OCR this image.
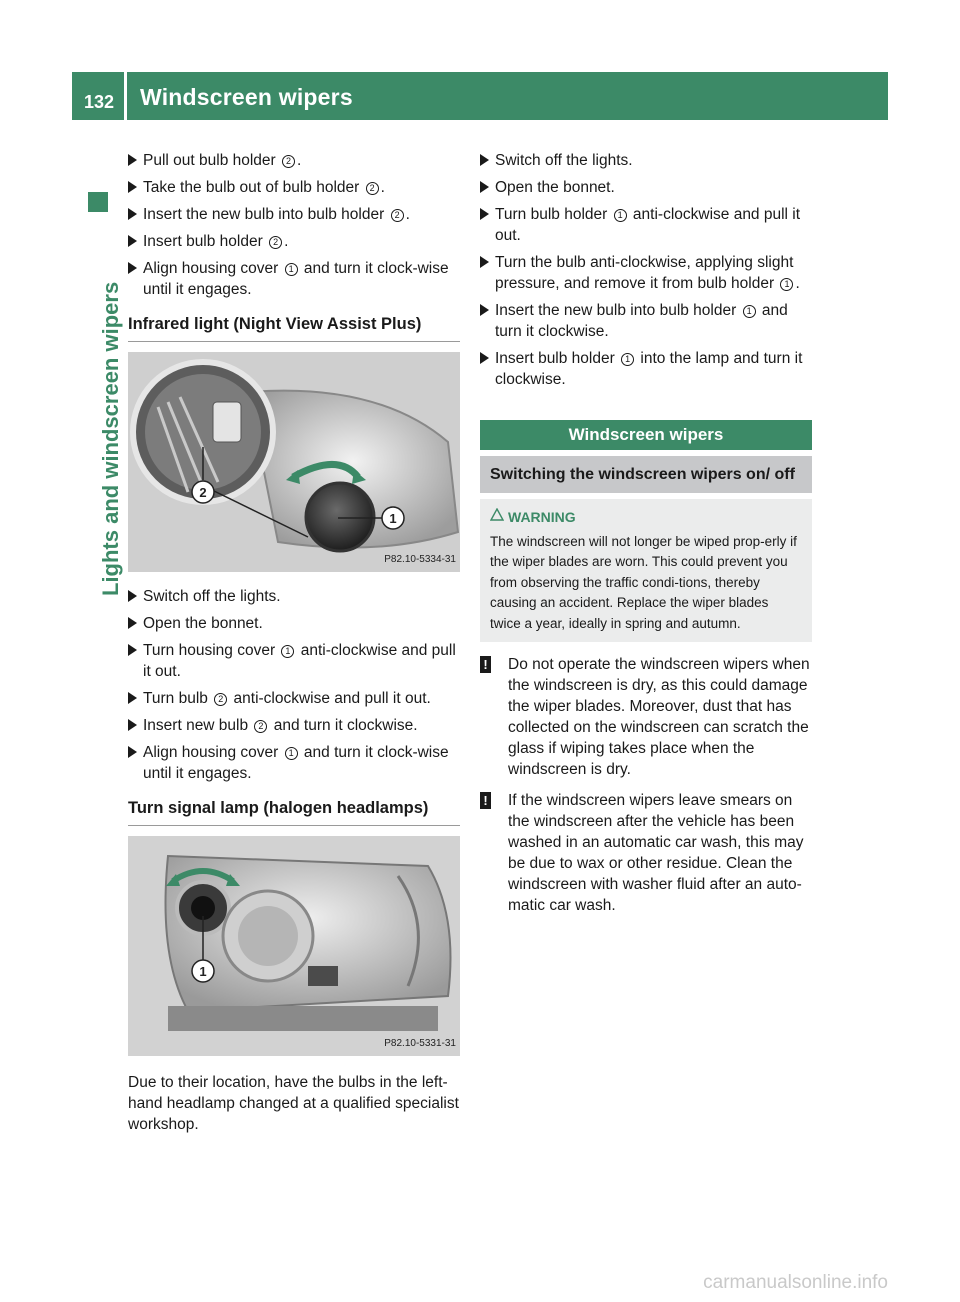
132 Windscreen wipers
Lights and windscreen wipers
Pull out bulb holder 2 .
Take the bulb out of bulb holder 2 .
Insert the new bulb into bulb holder 2 .
Insert bulb holder 2 .
Align housing cover 1 and turn it clock-wise until it engages.
Infrared light (Night View Assist Plus)
1
2
P82.10-5334-31
Switch off the lights.
Open the bonnet.
Turn housing cover 1 anti-clockwise and pull it out.
Turn bulb 2 anti-clockwise and pull it out.
Insert new bulb 2 and turn it clockwise.
Align housing cover 1 and turn it clock-wise until it engages.
Turn signal lamp (halogen headlamps)
1
P82.10-5331-31
Due to their location, have the bulbs in the left-hand headlamp changed at a qualified specialist workshop.
Switch off the lights.
Open the bonnet.
Turn bulb holder 1 anti-clockwise and pull it out.
Turn the bulb anti-clockwise, applying slight pressure, and remove it from bulb holder 1 .
Insert the new bulb into bulb holder 1 and turn it clockwise.
Insert bulb holder 1 into the lamp and turn it clockwise.
Windscreen wipers
Switching the windscreen wipers on/ off
WARNING
The windscreen will not longer be wiped prop-erly if the wiper blades are worn. This could prevent you from observing the traffic condi-tions, thereby causing an accident. Replace the wiper blades twice a year, ideally in spring and autumn.
! Do not operate the windscreen wipers when the windscreen is dry, as this could damage the wiper blades. Moreover, dust that has collected on the windscreen can scratch the glass if wiping takes place when the windscreen is dry.
! If the windscreen wipers leave smears on the windscreen after the vehicle has been washed in an automatic car wash, this may be due to wax or other residue. Clean the windscreen with washer fluid after an auto-matic car wash.
carmanualsonline.info
